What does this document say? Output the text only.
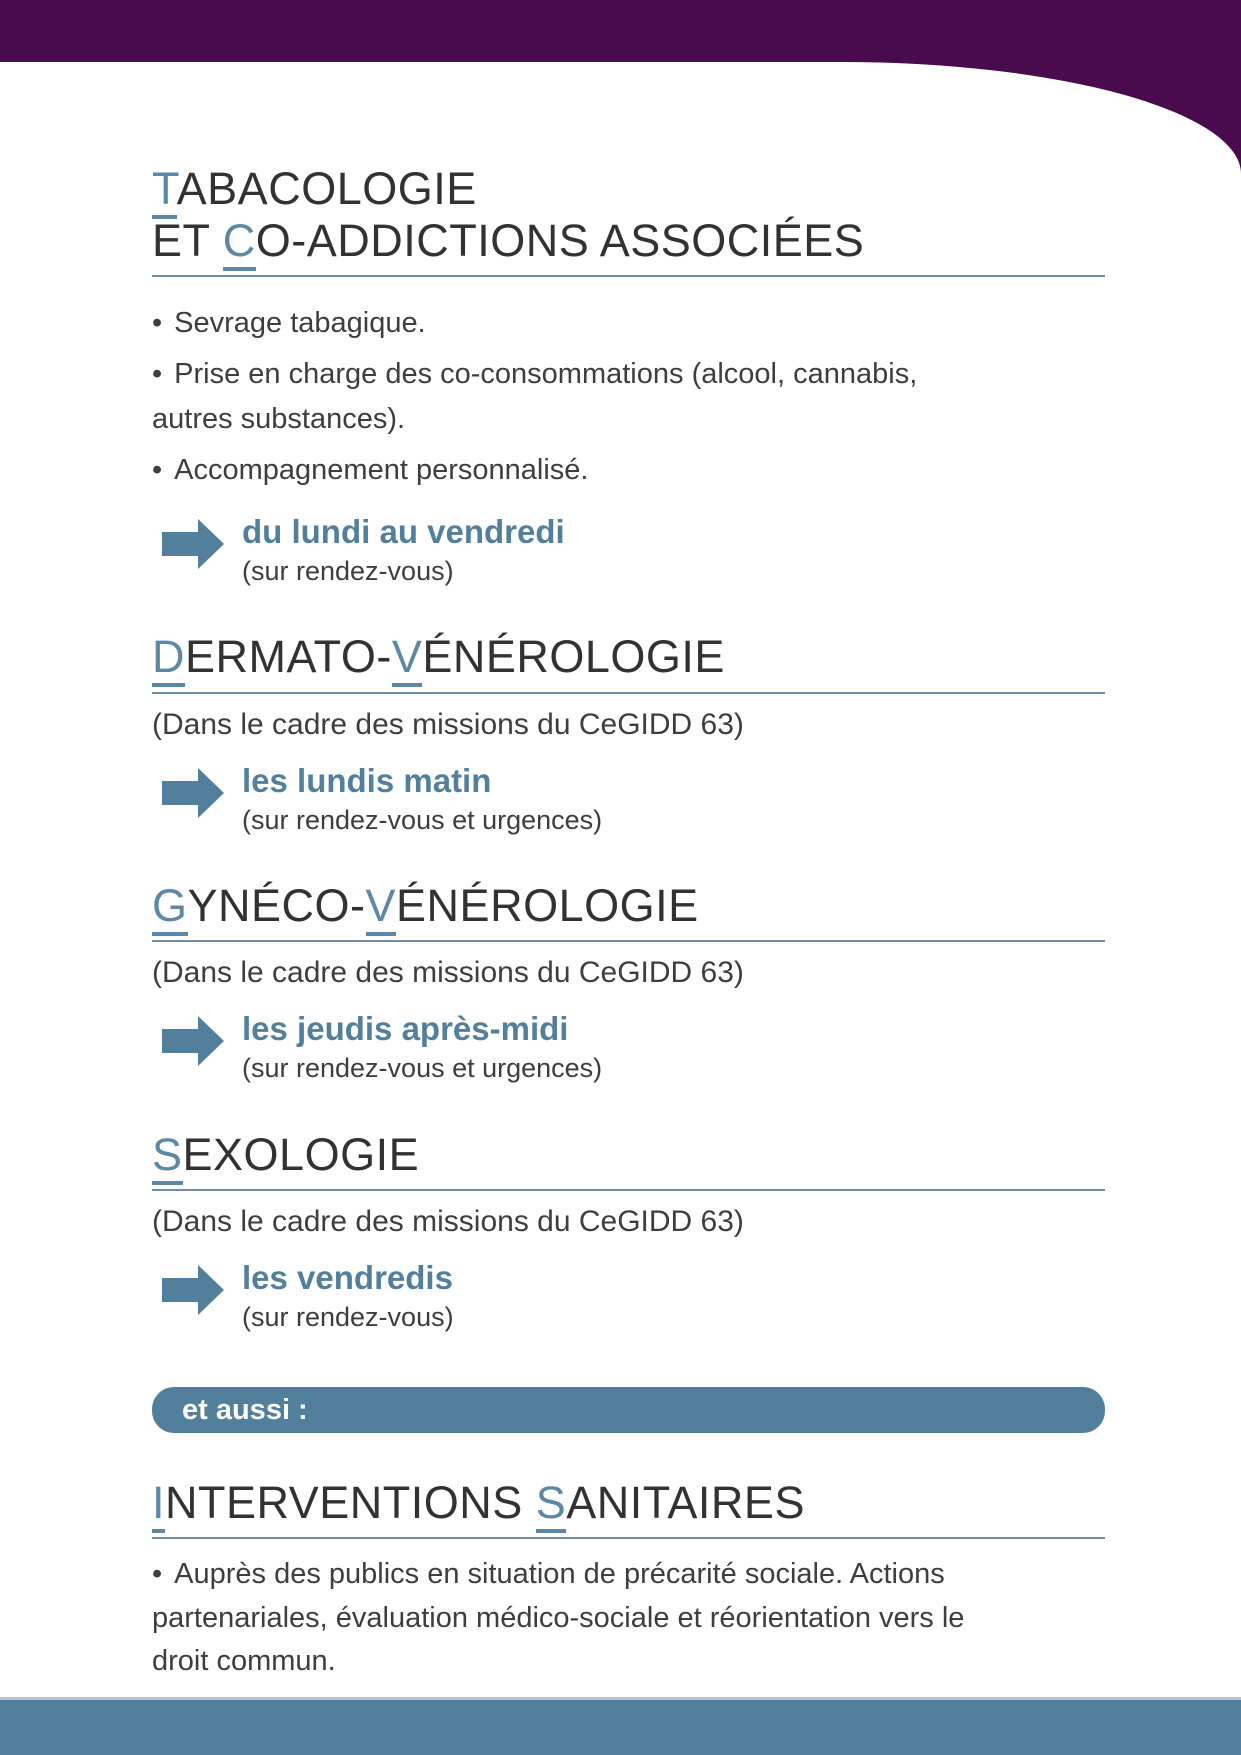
TABACOLOGIE
ET CO-ADDICTIONS ASSOCIÉES
• Sevrage tabagique.
• Prise en charge des co-consommations (alcool, cannabis, autres substances).
• Accompagnement personnalisé.
du lundi au vendredi
(sur rendez-vous)
DERMATO-VÉNÉROLOGIE

(Dans le cadre des missions du CeGIDD 63)

les lundis matin
(sur rendez-vous et urgences)
GYNÉCO-VÉNÉROLOGIE

(Dans le cadre des missions du CeGIDD 63)

les jeudis après-midi
(sur rendez-vous et urgences)
SEXOLOGIE

(Dans le cadre des missions du CeGIDD 63)

les vendredis
(sur rendez-vous)
et aussi :
INTERVENTIONS SANITAIRES

• Auprès des publics en situation de précarité sociale. Actions partenariales, évaluation médico-sociale et réorientation vers le droit commun.
